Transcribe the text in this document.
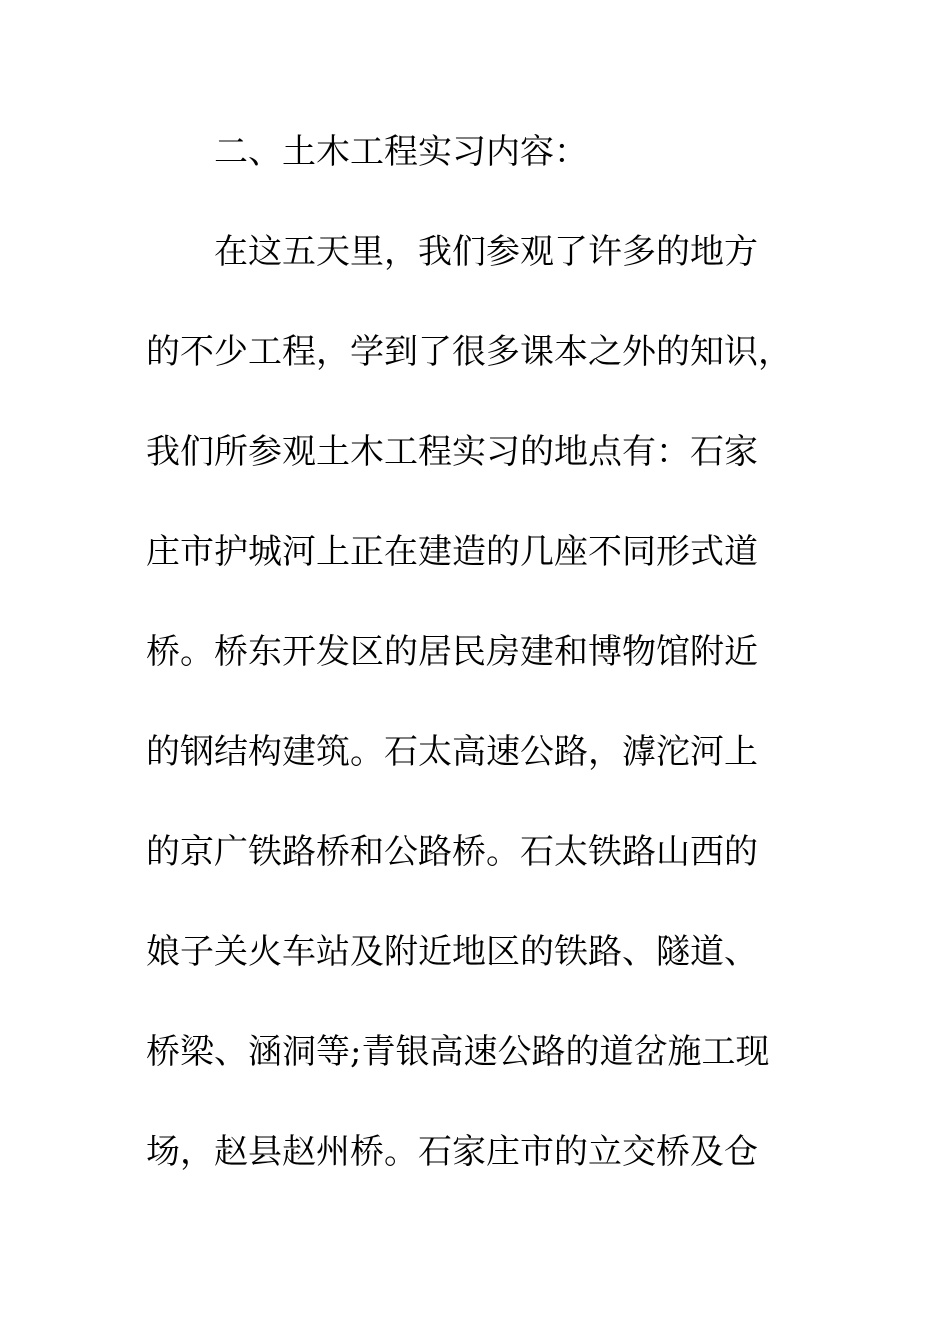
二、土木工程实习内容：
在这五天里，我们参观了许多的地方
的不少工程，学到了很多课本之外的知识，
我们所参观土木工程实习的地点有：石家
庄市护城河上正在建造的几座不同形式道
桥。桥东开发区的居民房建和博物馆附近
的钢结构建筑。石太高速公路，滹沱河上
的京广铁路桥和公路桥。石太铁路山西的
娘子关火车站及附近地区的铁路、隧道、
桥梁、涵洞等;青银高速公路的道岔施工现
场，赵县赵州桥。石家庄市的立交桥及仓
